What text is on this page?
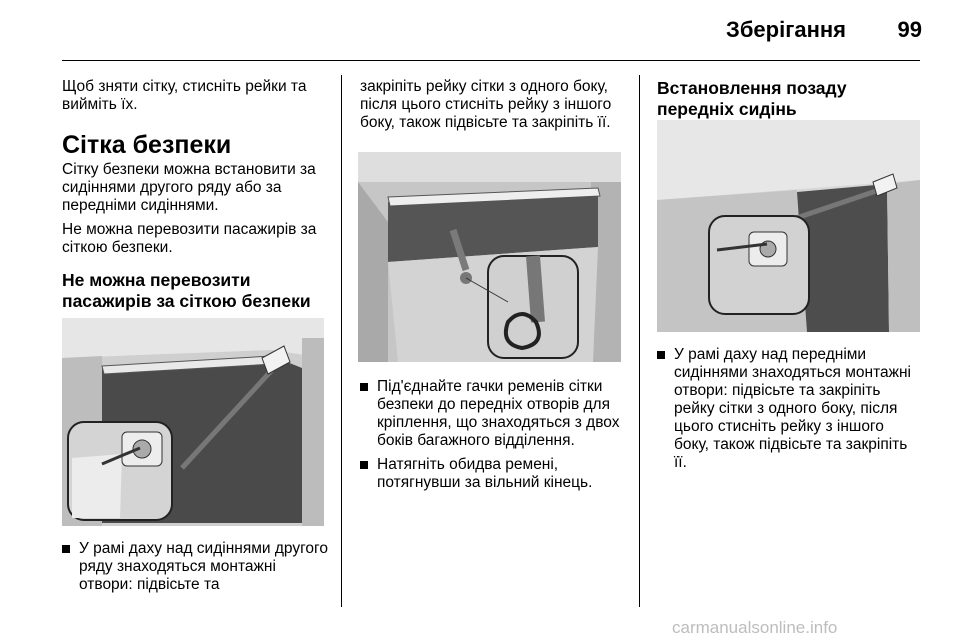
Зберігання 99

Щоб зняти сітку, стисніть рейки та вийміть їх.

Сітка безпеки

Сітку безпеки можна встановити за сидіннями другого ряду або за передніми сидіннями.

Не можна перевозити пасажирів за сіткою безпеки.

Не можна перевозити пасажирів за сіткою безпеки
У рамі даху над сидіннями другого ряду знаходяться монтажні отвори: підвісьте та

закріпіть рейку сітки з одного боку, після цього стисніть рейку з іншого боку, також підвісьте та закріпіть її.

Під'єднайте гачки ременів сітки безпеки до передніх отворів для кріплення, що знаходяться з двох боків багажного відділення.
Натягніть обидва ремені, потягнувши за вільний кінець.
Встановлення позаду передніх сидінь
У рамі даху над передніми сидіннями знаходяться монтажні отвори: підвісьте та закріпіть рейку сітки з одного боку, після цього стисніть рейку з іншого боку, також підвісьте та закріпіть її.
carmanualsonline.info
